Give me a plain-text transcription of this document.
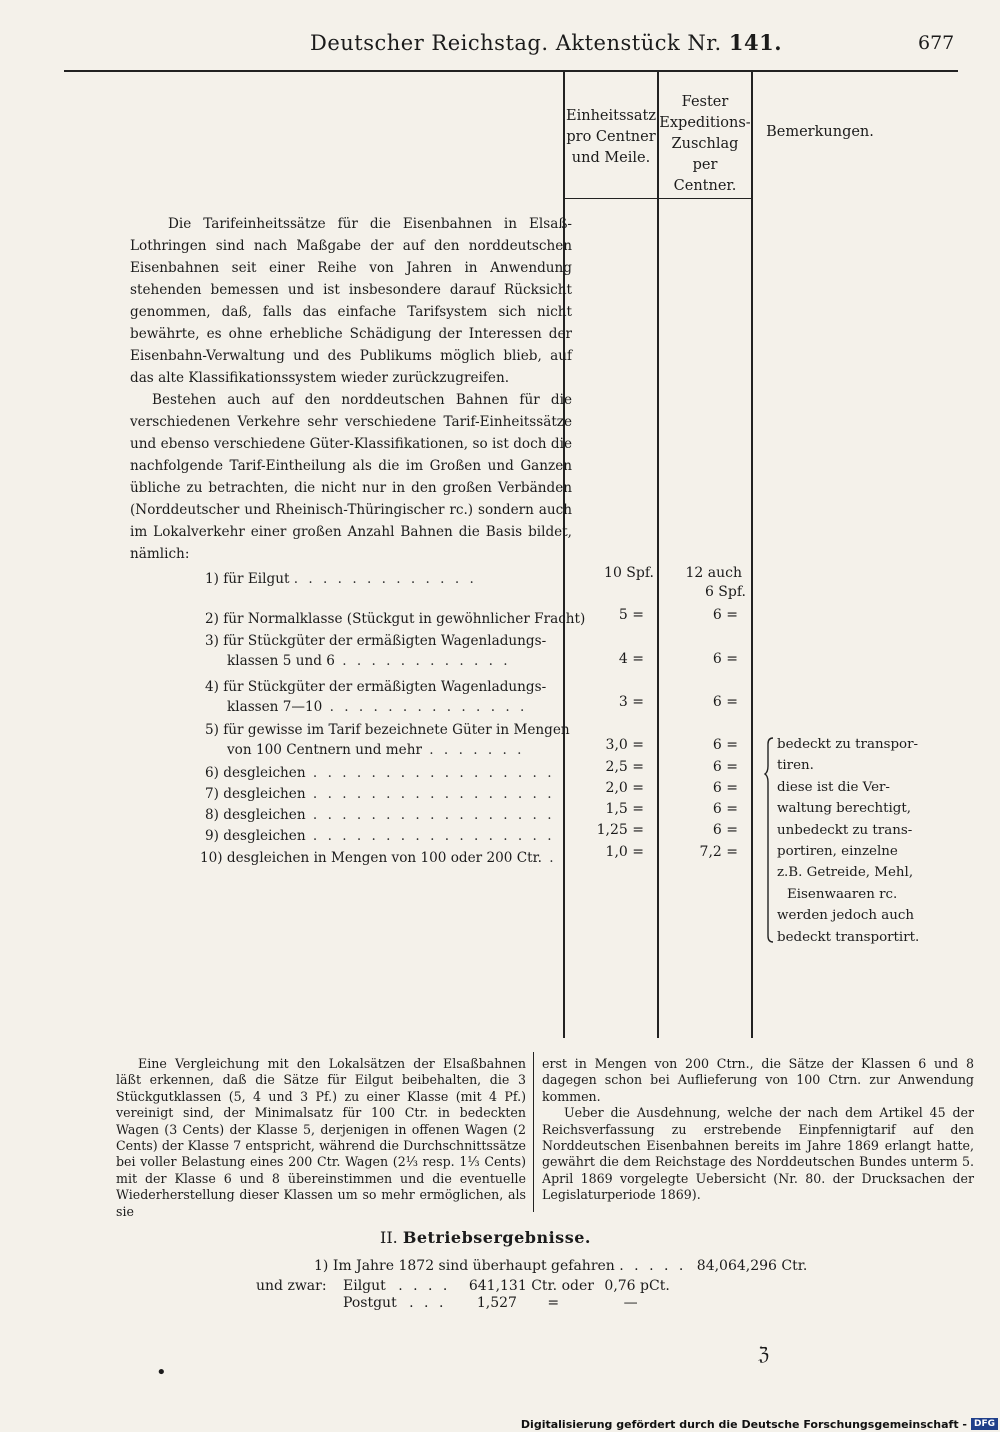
Deutscher Reichstag. Aktenstück Nr. 141.	677
Einheitssatz
pro Centner
und Meile.
Fester
Expeditions-
Zuschlag
per Centner.
Bemerkungen.

Die Tarifeinheitssätze für die Eisenbahnen in Elsaß-Lothringen sind nach Maßgabe der auf den norddeutschen Eisenbahnen seit einer Reihe von Jahren in Anwendung stehenden bemessen und ist insbesondere darauf Rücksicht genommen, daß, falls das einfache Tarifsystem sich nicht bewährte, es ohne erhebliche Schädigung der Interessen der Eisenbahn-Verwaltung und des Publikums möglich blieb, auf das alte Klassifikationssystem wieder zurückzugreifen.

Bestehen auch auf den norddeutschen Bahnen für die verschiedenen Verkehre sehr verschiedene Tarif-Einheitssätze und ebenso verschiedene Güter-Klassifikationen, so ist doch die nachfolgende Tarif-Eintheilung als die im Großen und Ganzen übliche zu betrachten, die nicht nur in den großen Verbänden (Norddeutscher und Rheinisch-Thüringischer rc.) sondern auch im Lokalverkehr einer großen Anzahl Bahnen die Basis bildet, nämlich:

1) für Eilgut . . . . . . . . . . . . .	10 Spf.	12 auch
6 Spf.
2) für Normalklasse (Stückgut in gewöhnlicher Fracht)	5 =	6 =
3) für Stückgüter der ermäßigten Wagenladungs-
klassen 5 und 6 . . . . . . . . . . . .	4 =	6 =
4) für Stückgüter der ermäßigten Wagenladungs-
klassen 7—10 . . . . . . . . . . . . . .	3 =	6 =
5) für gewisse im Tarif bezeichnete Güter in Mengen
von 100 Centnern und mehr . . . . . . .	3,0 =	6 =
6) desgleichen . . . . . . . . . . . . . . . . .	2,5 =	6 =
7) desgleichen . . . . . . . . . . . . . . . . .	2,0 =	6 =
8) desgleichen . . . . . . . . . . . . . . . . .	1,5 =	6 =
9) desgleichen . . . . . . . . . . . . . . . . .	1,25 =	6 =
10) desgleichen in Mengen von 100 oder 200 Ctr. .	1,0 =	7,2 =
bedeckt zu transpor-
tiren.
diese ist die Ver-
waltung berechtigt,
unbedeckt zu trans-
portiren, einzelne
z.B. Getreide, Mehl,
Eisenwaaren rc.
werden jedoch auch
bedeckt transportirt.

Eine Vergleichung mit den Lokalsätzen der Elsaßbahnen läßt erkennen, daß die Sätze für Eilgut beibehalten, die 3 Stückgutklassen (5, 4 und 3 Pf.) zu einer Klasse (mit 4 Pf.) vereinigt sind, der Minimalsatz für 100 Ctr. in bedeckten Wagen (3 Cents) der Klasse 5, derjenigen in offenen Wagen (2 Cents) der Klasse 7 entspricht, während die Durchschnittssätze bei voller Belastung eines 200 Ctr. Wagen (2⅓ resp. 1⅓ Cents) mit der Klasse 6 und 8 übereinstimmen und die eventuelle Wiederherstellung dieser Klassen um so mehr ermöglichen, als sie

erst in Mengen von 200 Ctrn., die Sätze der Klassen 6 und 8 dagegen schon bei Auflieferung von 100 Ctrn. zur Anwendung kommen.

Ueber die Ausdehnung, welche der nach dem Artikel 45 der Reichsverfassung zu erstrebende Einpfennigtarif auf den Norddeutschen Eisenbahnen bereits im Jahre 1869 erlangt hatte, gewährt die dem Reichstage des Norddeutschen Bundes unterm 5. April 1869 vorgelegte Uebersicht (Nr. 80. der Drucksachen der Legislaturperiode 1869).

II. Betriebsergebnisse.
1) Im Jahre 1872 sind überhaupt gefahren . . . . . 84,064,296 Ctr.
und zwar: Eilgut . . . . 641,131 Ctr. oder 0,76 pCt.
Postgut . . . 1,527 =	—
•
ℨ
Digitalisierung gefördert durch die Deutsche Forschungsgemeinschaft - DFG
